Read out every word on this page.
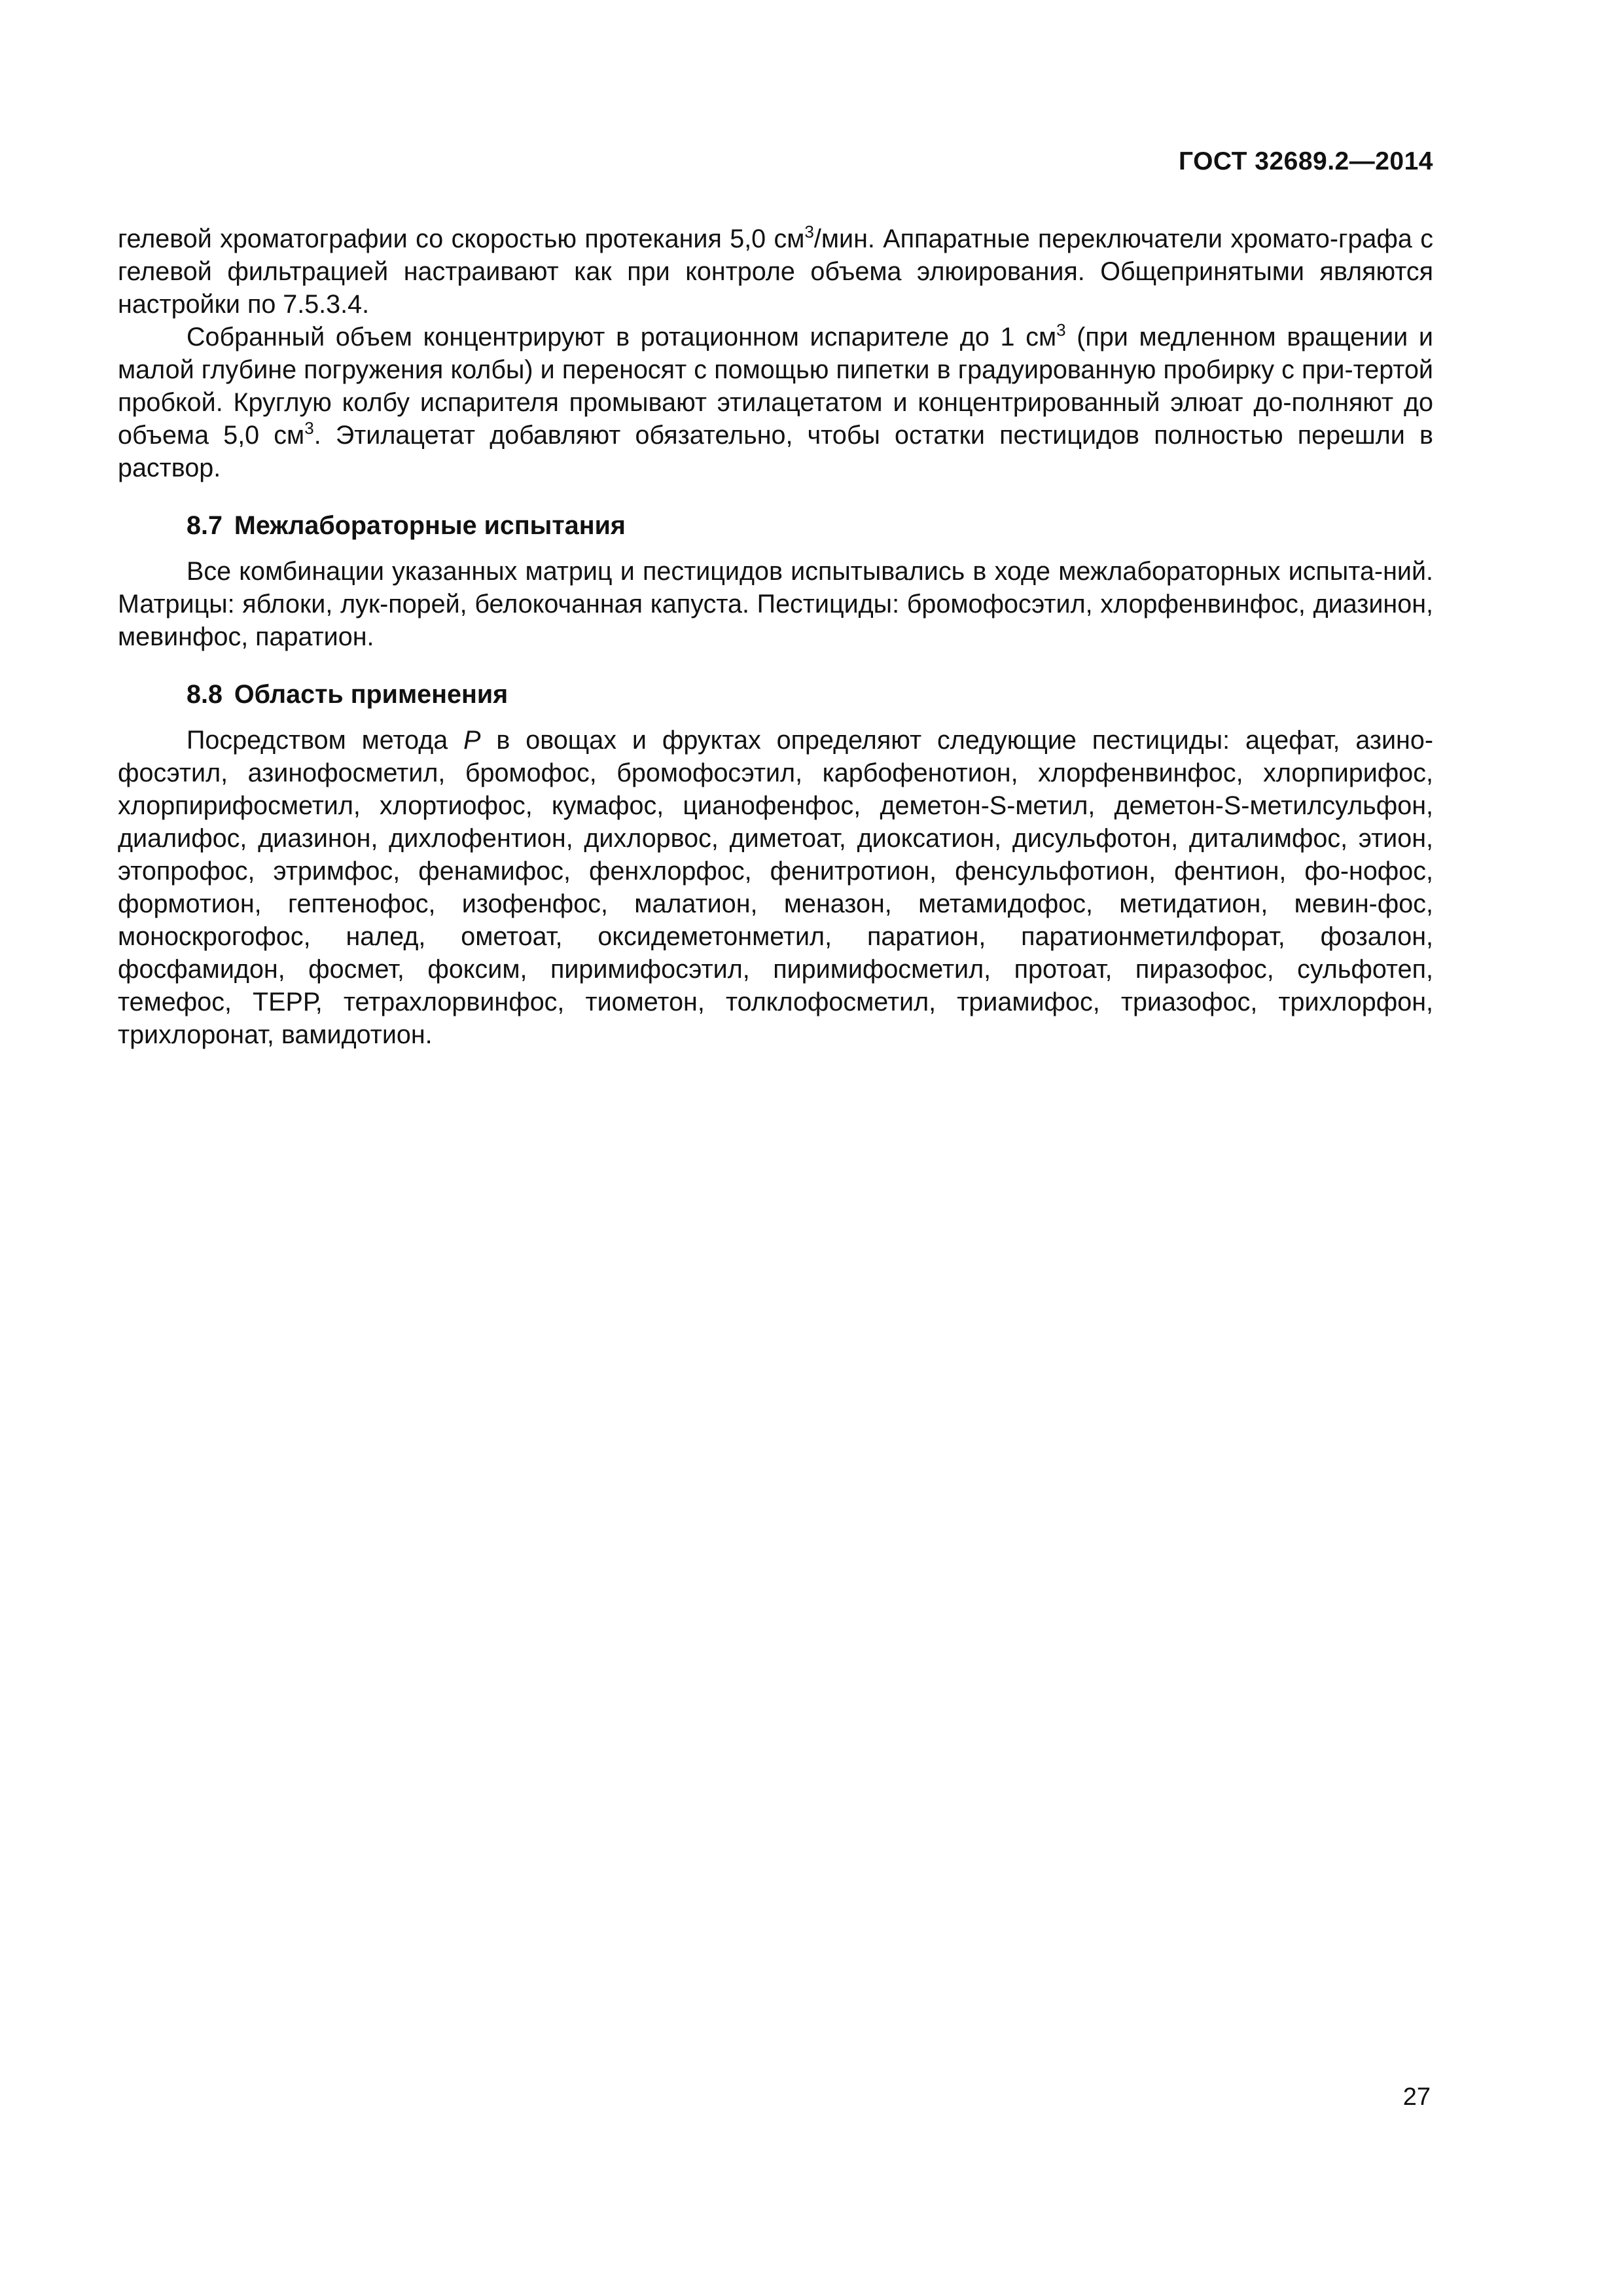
ГОСТ 32689.2—2014

гелевой хроматографии со скоростью протекания 5,0 $см^3$/мин. Аппаратные переключатели хромато-графа с гелевой фильтрацией настраивают как при контроле объема элюирования. Общепринятыми являются настройки по 7.5.3.4.

Собранный объем концентрируют в ротационном испарителе до 1 $см^3$ (при медленном вращении и малой глубине погружения колбы) и переносят с помощью пипетки в градуированную пробирку с при-тертой пробкой. Круглую колбу испарителя промывают этилацетатом и концентрированный элюат до-полняют до объема 5,0 $см^3$. Этилацетат добавляют обязательно, чтобы остатки пестицидов полностью перешли в раствор.

8.7 Межлабораторные испытания

Все комбинации указанных матриц и пестицидов испытывались в ходе межлабораторных испыта-ний. Матрицы: яблоки, лук-порей, белокочанная капуста. Пестициды: бромофосэтил, хлорфенвинфос, диазинон, мевинфос, паратион.

8.8 Область применения

Посредством метода Р в овощах и фруктах определяют следующие пестициды: ацефат, азино-фосэтил, азинофосметил, бромофос, бромофосэтил, карбофенотион, хлорфенвинфос, хлорпирифос, хлорпирифосметил, хлортиофос, кумафос, цианофенфос, деметон-S-метил, деметон-S-метилсульфон, диалифос, диазинон, дихлофентион, дихлорвос, диметоат, диоксатион, дисульфотон, диталимфос, этион, этопрофос, этримфос, фенамифос, фенхлорфос, фенитротион, фенсульфотион, фентион, фо-нофос, формотион, гептенофос, изофенфос, малатион, меназон, метамидофос, метидатион, мевин-фос, моноскрогофос, налед, ометоат, оксидеметонметил, паратион, паратионметилфорат, фозалон, фосфамидон, фосмет, фоксим, пиримифосэтил, пиримифосметил, протоат, пиразофос, сульфотеп, темефос, ТЕРР, тетрахлорвинфос, тиометон, толклофосметил, триамифос, триазофос, трихлорфон, трихлоронат, вамидотион.

27
